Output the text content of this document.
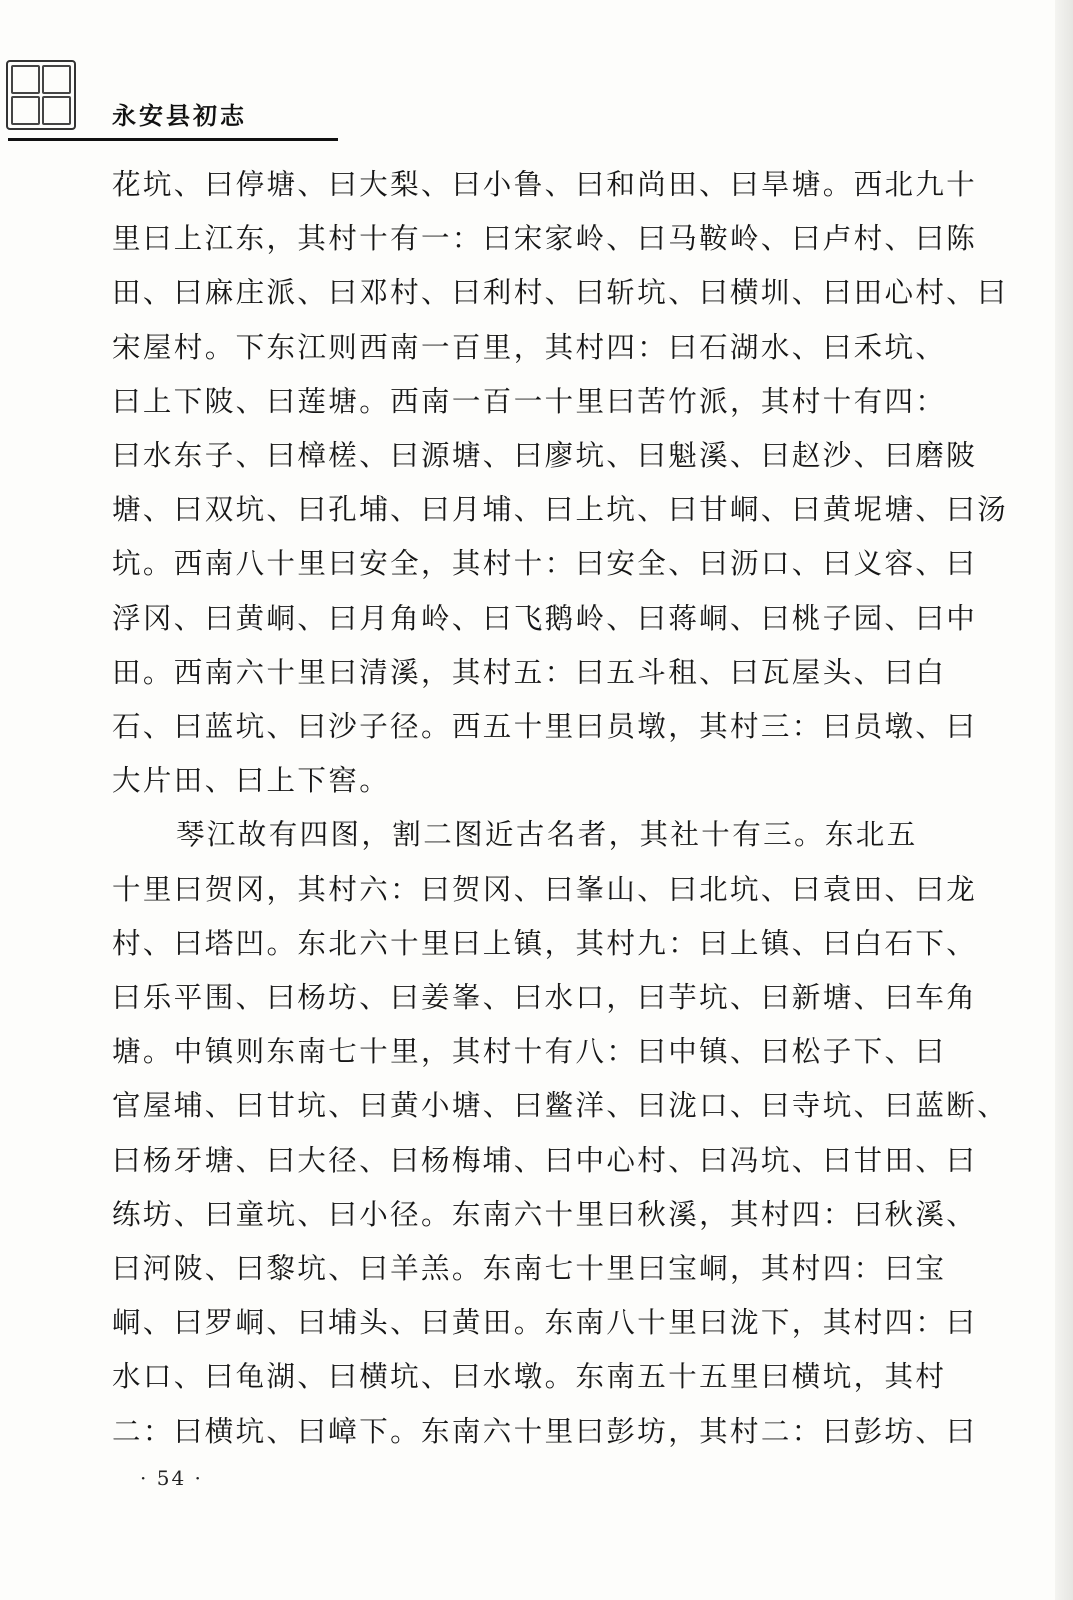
永安县初志
花坑、曰停塘、曰大梨、曰小鲁、曰和尚田、曰旱塘。西北九十
里曰上江东，其村十有一：曰宋家岭、曰马鞍岭、曰卢村、曰陈
田、曰麻庄派、曰邓村、曰利村、曰斩坑、曰横圳、曰田心村、曰
宋屋村。下东江则西南一百里，其村四：曰石湖水、曰禾坑、
曰上下陂、曰莲塘。西南一百一十里曰苦竹派，其村十有四：
曰水东子、曰樟槎、曰源塘、曰廖坑、曰魁溪、曰赵沙、曰磨陂
塘、曰双坑、曰孔埔、曰月埔、曰上坑、曰甘峒、曰黄坭塘、曰汤
坑。西南八十里曰安全，其村十：曰安全、曰沥口、曰义容、曰
浮冈、曰黄峒、曰月角岭、曰飞鹅岭、曰蒋峒、曰桃子园、曰中
田。西南六十里曰清溪，其村五：曰五斗租、曰瓦屋头、曰白
石、曰蓝坑、曰沙子径。西五十里曰员墩，其村三：曰员墩、曰
大片田、曰上下窖。
琴江故有四图，割二图近古名者，其社十有三。东北五
十里曰贺冈，其村六：曰贺冈、曰峯山、曰北坑、曰袁田、曰龙
村、曰塔凹。东北六十里曰上镇，其村九：曰上镇、曰白石下、
曰乐平围、曰杨坊、曰姜峯、曰水口，曰芋坑、曰新塘、曰车角
塘。中镇则东南七十里，其村十有八：曰中镇、曰松子下、曰
官屋埔、曰甘坑、曰黄小塘、曰鳖洋、曰泷口、曰寺坑、曰蓝断、
曰杨牙塘、曰大径、曰杨梅埔、曰中心村、曰冯坑、曰甘田、曰
练坊、曰童坑、曰小径。东南六十里曰秋溪，其村四：曰秋溪、
曰河陂、曰黎坑、曰羊羔。东南七十里曰宝峒，其村四：曰宝
峒、曰罗峒、曰埔头、曰黄田。东南八十里曰泷下，其村四：曰
水口、曰龟湖、曰横坑、曰水墩。东南五十五里曰横坑，其村
二：曰横坑、曰嶂下。东南六十里曰彭坊，其村二：曰彭坊、曰
· 54 ·
